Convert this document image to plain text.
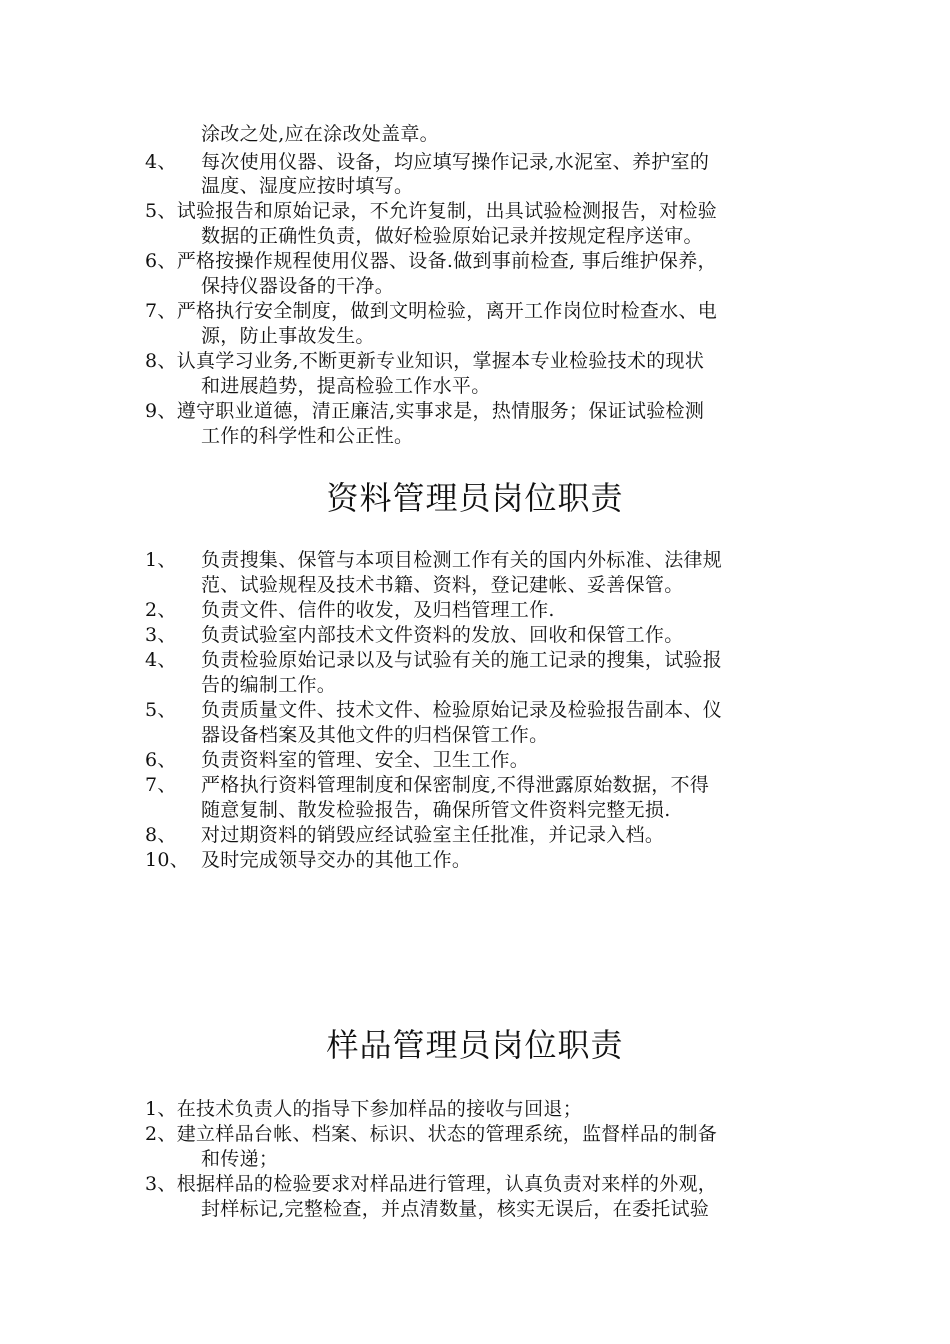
涂改之处,应在涂改处盖章。
4、 每次使用仪器、设备，均应填写操作记录,水泥室、养护室的
温度、湿度应按时填写。
5、试验报告和原始记录，不允许复制，出具试验检测报告，对检验
数据的正确性负责，做好检验原始记录并按规定程序送审。
6、严格按操作规程使用仪器、设备.做到事前检查, 事后维护保养，
保持仪器设备的干净。
7、严格执行安全制度，做到文明检验，离开工作岗位时检查水、电
源，防止事故发生。
8、认真学习业务,不断更新专业知识，掌握本专业检验技术的现状
和进展趋势，提高检验工作水平。
9、遵守职业道德，清正廉洁,实事求是，热情服务；保证试验检测
工作的科学性和公正性。
资料管理员岗位职责
1、 负责搜集、保管与本项目检测工作有关的国内外标准、法律规
范、试验规程及技术书籍、资料，登记建帐、妥善保管。
2、 负责文件、信件的收发，及归档管理工作.
3、 负责试验室内部技术文件资料的发放、回收和保管工作。
4、 负责检验原始记录以及与试验有关的施工记录的搜集，试验报
告的编制工作。
5、 负责质量文件、技术文件、检验原始记录及检验报告副本、仪
器设备档案及其他文件的归档保管工作。
6、 负责资料室的管理、安全、卫生工作。
7、 严格执行资料管理制度和保密制度,不得泄露原始数据，不得
随意复制、散发检验报告，确保所管文件资料完整无损.
8、 对过期资料的销毁应经试验室主任批准，并记录入档。
10、 及时完成领导交办的其他工作。
样品管理员岗位职责
1、在技术负责人的指导下参加样品的接收与回退；
2、建立样品台帐、档案、标识、状态的管理系统，监督样品的制备
和传递；
3、根据样品的检验要求对样品进行管理，认真负责对来样的外观，
封样标记,完整检查，并点清数量，核实无误后，在委托试验
